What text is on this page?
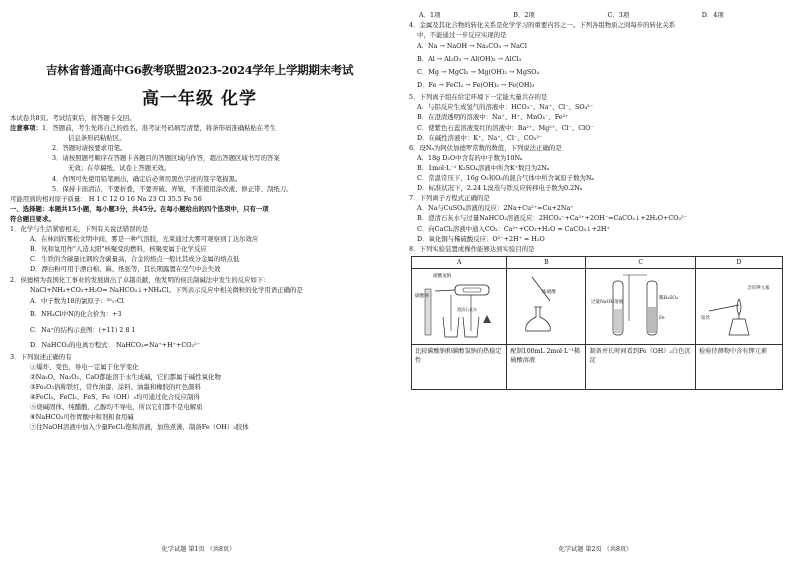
吉林省普通高中G6教考联盟2023-2024学年上学期期末考试
高一年级 化学
本试卷共8页。考试结束后，将答题卡交回。
注意事项：1．答题前，考生先将自己的姓名、准考证号码填写清楚，将条形码准确粘贴在考生
信息条形码粘贴区。
2．答题时请按要求用笔。
3．请按照题号顺序在答题卡各题目的答题区域内作答，超出答题区域书写的答案
无效；在草稿纸、试卷上答题无效。
4．作图可先使用铅笔画出，确定后必须用黑色字迹的签字笔描黑。
5．保持卡面清洁，不要折叠，不要弄破、弄皱，不准使用涂改液、修正带、刮纸刀。
可能用到的相对原子质量： H 1 C 12 O 16 Na 23 Cl 35.5 Fe 56
一、选择题：本题共15小题，每小题3分，共45分。在每小题给出的四个选项中，只有一项
符合题目要求。
1．化学与生活紧密相关，下列有关说法错误的是
A．在林间的雾松文明中间，雾是一种气溶胶，光束通过大雾可观察到丁达尔效应
B．氘和氚用作"人造太阳"核聚变的燃料，核聚变属于化学反应
C．生铁的含碳量比钢的含碳量高，合金的熔点一般比其成分金属的熔点低
D．漂白粉可用于漂白棉、麻、纸张等，其长期露置在空气中会失效
2．侯德榜为我国化工事业的发展做出了卓越贡献，他发明的侯氏制碱法中发生的反应如下：
NaCl+NH₃+CO₂+H₂O= NaHCO₃↓+NH₄Cl。下列表示反应中相关微粒的化学用语正确的是
A．中子数为18的氯原子：³⁵₁₇Cl
B．NH₄Cl中N的化合价为：+3
C．Na⁺的结构示意图：(+11) 2 8 1
D．NaHCO₃的电离方程式： NaHCO₃=Na⁺+H⁺+CO₃²⁻
3．下列叙述正确的有
①爆炸、变色、导电一定属于化学变化
②Na₂O、Na₂O₂、CaO都能溶于水生成碱，它们都属于碱性氧化物
③Fe₂O₃俗称铁红，常作油漆、涂料、油墨和橡胶的红色颜料
④FeCl₃、FeCl₂、FeS、Fe（OH）₃均可通过化合反应制得
⑤烧碱固体、纯醋酸、乙醇均不导电，所以它们都不是电解质
⑥NaHCO₃可作胃酸中和剂和食用碱
⑦往NaOH溶液中加入少量FeCl₃饱和溶液，加热煮沸，制备Fe（OH）₃胶体
化学试题 第1页 （共8页）
A．1项	B．2项	C．3项	D．4项
4．金属及其化合物的转化关系是化学学习的重要内容之一。下列各组物质之间每步的转化关系
中，不能通过一步反应实现的是
A．Na → NaOH → Na₂CO₃ → NaCl
B．Al → Al₂O₃ → Al(OH)₃ → AlCl₃
C．Mg → MgCl₂ → Mg(OH)₂ → MgSO₄
D．Fe → FeCl₂ → Fe(OH)₂ → Fe(OH)₃
5．下列离子组在给定环境下一定能大量共存的是
A．与铝反应生成氢气的溶液中：HCO₃⁻、Na⁺、Cl⁻、SO₄²⁻
B．在澄清透明的溶液中：Na⁺、H⁺、MnO₄⁻、Fe²⁺
C．使紫色石蕊溶液变红的溶液中：Ba²⁺、Mg²⁺、Cl⁻、ClO⁻
D．在碱性溶液中：K⁺、Na⁺、Cl⁻、CO₃²⁻
6．设Nₐ为阿伏加德罗常数的数值，下列说法正确的是
A．18g D₂O中含有的中子数为10Nₐ
B．1mol·L⁻¹ K₂SO₄溶液中所含K⁺数目为2Nₐ
C．常温常压下，16g O₂和O₃的混合气体中所含氧原子数为Nₐ
D．标准状况下，2.24 L溴蒸与铁反应转移电子数为0.2Nₐ
7．下列离子方程式正确的是
A．Na与CuSO₄溶液的反应：2Na+Cu²⁺=Cu+2Na⁺
B．澄清石灰水与过量NaHCO₃溶液反应：2HCO₃⁻+Ca²⁺+2OH⁻=CaCO₃↓+2H₂O+CO₃²⁻
C．向CaCl₂溶液中通入CO₂：Ca²⁺+CO₂+H₂O = CaCO₃↓+2H⁺
D．氧化铜与稀硫酸反应：O²⁻+2H⁺ = H₂O
8．下列实验装置或操作能够达到实验目的是
A	B	C	D

碳酸氢钠
碳酸钠
澄清石灰水	浓硫酸	过量NaOH溶液
稀H₂SO₄
Fe	铂丝
含有钾元素

比较碳酸钠和碳酸氢钠的热稳定性	配制100mL 2mol·L⁻¹稀硫酸溶液	制备并长时间看到Fe（OH）₂白色沉淀	检验待测物中含有钾元素
化学试题 第2页 （共8页）
